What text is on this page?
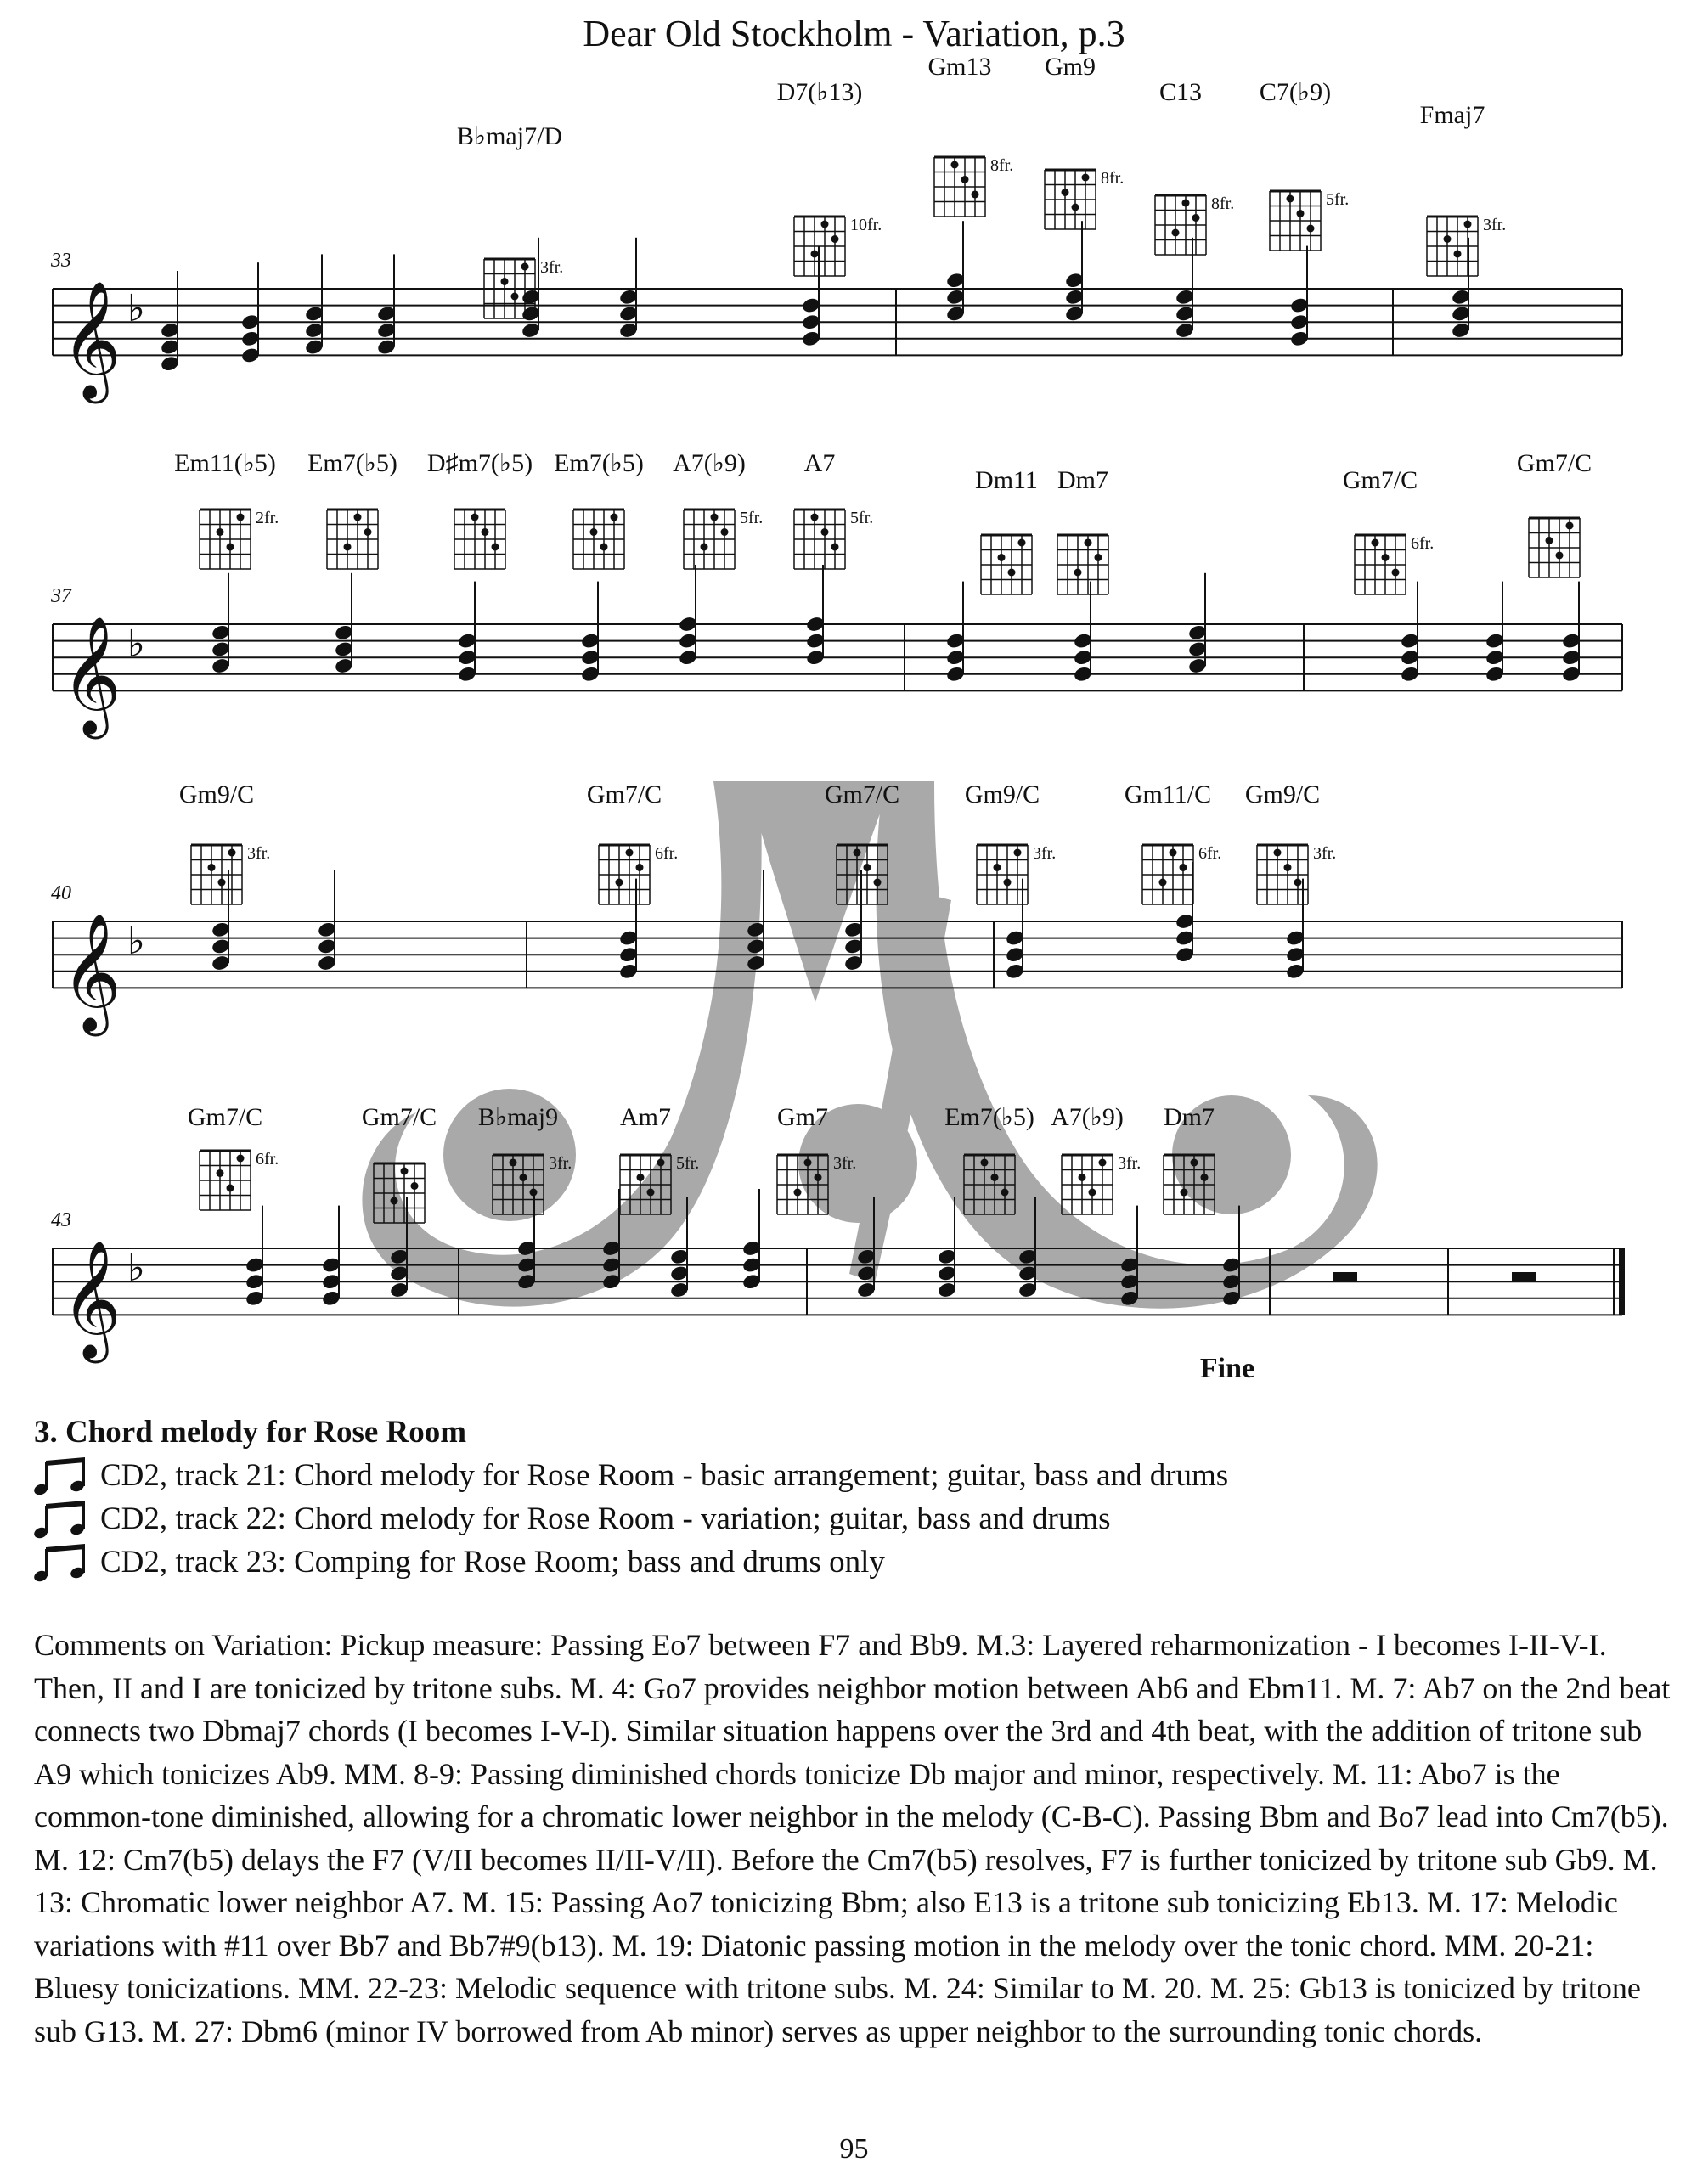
Dear Old Stockholm - Variation, p.3
𝄞 ♭
33
B♭maj7/D
3fr.
D7(♭13)
10fr.
Gm13
8fr.
Gm9
8fr.
C13
8fr.
C7(♭9)
5fr.
Fmaj7
3fr.
𝄞 ♭
37
Em11(♭5)
2fr.
Em7(♭5) D♯m7(♭5) Em7(♭5) A7(♭9)
5fr.
A7
5fr.
Dm11 Dm7	Gm7/C
6fr.
Gm7/C
𝄞 ♭
40
Gm9/C
3fr.
Gm7/C
6fr.
Gm7/C	Gm9/C
3fr.
Gm11/C
6fr.
Gm9/C
3fr.
𝄞 ♭
43
Gm7/C
6fr.
Gm7/C B♭maj9
3fr.
Am7
5fr.
Gm7
3fr.
Em7(♭5) A7(♭9)
3fr.
Dm7
Fine
3. Chord melody for Rose Room
CD2, track 21: Chord melody for Rose Room - basic arrangement; guitar, bass and drums
CD2, track 22: Chord melody for Rose Room - variation; guitar, bass and drums
CD2, track 23: Comping for Rose Room; bass and drums only
Comments on Variation: Pickup measure: Passing Eo7 between F7 and Bb9. M.3: Layered reharmonization - I becomes I-II-V-I. Then, II and I are tonicized by tritone subs. M. 4: Go7 provides neighbor motion between Ab6 and Ebm11. M. 7: Ab7 on the 2nd beat connects two Dbmaj7 chords (I becomes I-V-I). Similar situation happens over the 3rd and 4th beat, with the addition of tritone sub A9 which tonicizes Ab9. MM. 8-9: Passing diminished chords tonicize Db major and minor, respectively. M. 11: Abo7 is the common-tone diminished, allowing for a chromatic lower neighbor in the melody (C-B-C). Passing Bbm and Bo7 lead into Cm7(b5). M. 12: Cm7(b5) delays the F7 (V/II becomes II/II-V/II). Before the Cm7(b5) resolves, F7 is further tonicized by tritone sub Gb9. M. 13: Chromatic lower neighbor A7. M. 15: Passing Ao7 tonicizing Bbm; also E13 is a tritone sub tonicizing Eb13. M. 17: Melodic variations with #11 over Bb7 and Bb7#9(b13). M. 19: Diatonic passing motion in the melody over the tonic chord. MM. 20-21: Bluesy tonicizations. MM. 22-23: Melodic sequence with tritone subs. M. 24: Similar to M. 20. M. 25: Gb13 is tonicized by tritone sub G13. M. 27: Dbm6 (minor IV borrowed from Ab minor) serves as upper neighbor to the surrounding tonic chords.
95
